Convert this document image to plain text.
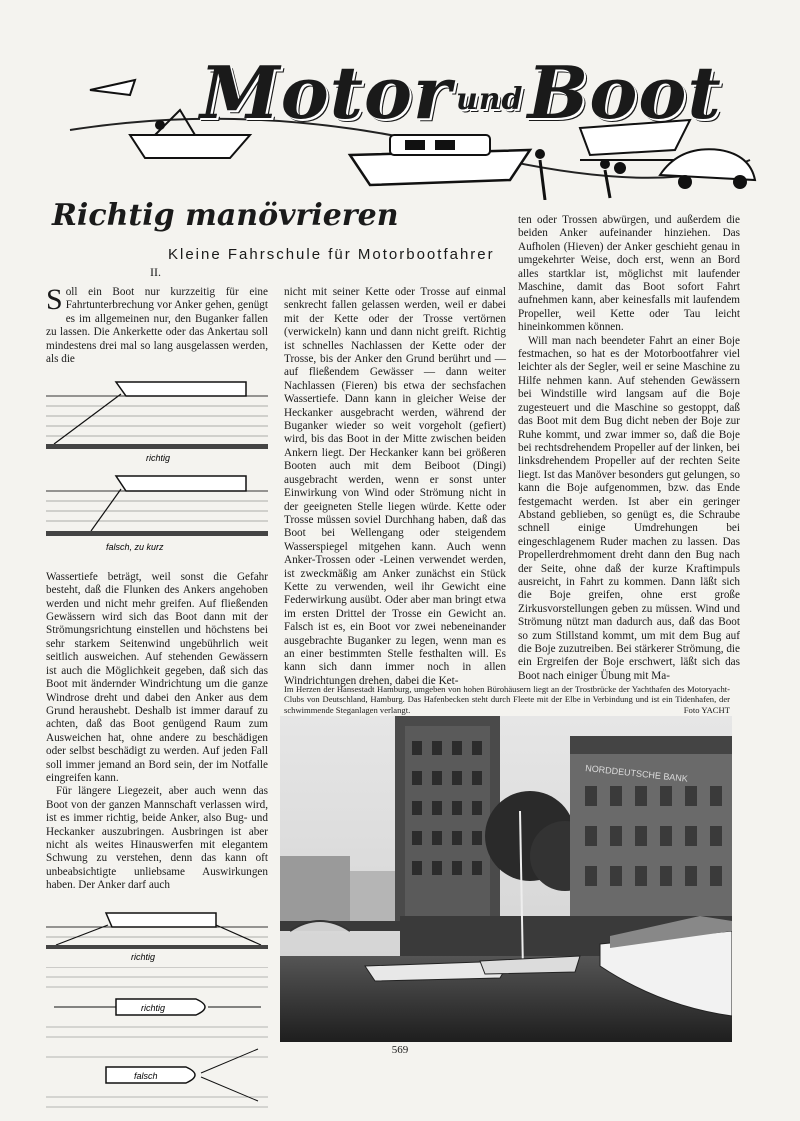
Motor undBoot
Richtig manövrieren
Kleine Fahrschule für Motorbootfahrer
II.

Soll ein Boot nur kurzzeitig für eine Fahrtunterbrechung vor Anker gehen, genügt es im allgemeinen nur, den Buganker fallen zu lassen. Die Ankerkette oder das Ankertau soll mindestens drei mal so lang ausgelassen werden, als die

richtig
falsch, zu kurz

Wassertiefe beträgt, weil sonst die Gefahr besteht, daß die Flunken des Ankers angehoben werden und nicht mehr greifen. Auf fließenden Gewässern wird sich das Boot dann mit der Strömungsrichtung einstellen und höchstens bei sehr starkem Seitenwind ungebührlich weit seitlich ausweichen. Auf stehenden Gewässern ist auch die Möglichkeit gegeben, daß sich das Boot mit ändernder Windrichtung um die ganze Windrose dreht und dabei den Anker aus dem Grund heraushebt. Deshalb ist immer darauf zu achten, daß das Boot genügend Raum zum Ausweichen hat, ohne andere zu beschädigen oder selbst beschädigt zu werden. Auf jeden Fall soll immer jemand an Bord sein, der im Notfalle eingreifen kann.

Für längere Liegezeit, aber auch wenn das Boot von der ganzen Mannschaft verlassen wird, ist es immer richtig, beide Anker, also Bug- und Heckanker auszubringen. Ausbringen ist aber nicht als weites Hinauswerfen mit elegantem Schwung zu verstehen, denn das kann oft unbeabsichtigte unliebsame Auswirkungen haben. Der Anker darf auch

richtig

richtig
falsch

nicht mit seiner Kette oder Trosse auf einmal senkrecht fallen gelassen werden, weil er dabei mit der Kette oder der Trosse vertörnen (verwickeln) kann und dann nicht greift. Richtig ist schnelles Nachlassen der Kette oder der Trosse, bis der Anker den Grund berührt und — auf fließendem Gewässer — dann weiter Nachlassen (Fieren) bis etwa der sechsfachen Wassertiefe. Dann kann in gleicher Weise der Heckanker ausgebracht werden, während der Buganker wieder so weit vorgeholt (gefiert) wird, bis das Boot in der Mitte zwischen beiden Ankern liegt. Der Heckanker kann bei größeren Booten auch mit dem Beiboot (Dingi) ausgebracht werden, wenn er sonst unter Einwirkung von Wind oder Strömung nicht in der geeigneten Stelle liegen würde. Kette oder Trosse müssen soviel Durchhang haben, daß das Boot bei Wellengang oder steigendem Wasserspiegel mitgehen kann. Auch wenn Anker-Trossen oder -Leinen verwendet werden, ist zweckmäßig am Anker zunächst ein Stück Kette zu verwenden, weil ihr Gewicht eine Federwirkung ausübt. Oder aber man bringt etwa im ersten Drittel der Trosse ein Gewicht an. Falsch ist es, ein Boot vor zwei nebeneinander ausgebrachte Buganker zu legen, wenn man es an einer bestimmten Stelle festhalten will. Es kann sich dann immer noch in allen Windrichtungen drehen, dabei die Ket-

ten oder Trossen abwürgen, und außerdem die beiden Anker aufeinander hinziehen. Das Aufholen (Hieven) der Anker geschieht genau in umgekehrter Weise, doch erst, wenn an Bord alles startklar ist, möglichst mit laufender Maschine, damit das Boot sofort Fahrt aufnehmen kann, aber keinesfalls mit laufendem Propeller, weil Kette oder Tau leicht hineinkommen können.

Will man nach beendeter Fahrt an einer Boje festmachen, so hat es der Motorbootfahrer viel leichter als der Segler, weil er seine Maschine zu Hilfe nehmen kann. Auf stehenden Gewässern bei Windstille wird langsam auf die Boje zugesteuert und die Maschine so gestoppt, daß das Boot mit dem Bug dicht neben der Boje zur Ruhe kommt, und zwar immer so, daß die Boje bei rechtsdrehendem Propeller auf der linken, bei linksdrehendem Propeller auf der rechten Seite liegt. Ist das Manöver besonders gut gelungen, so kann die Boje aufgenommen, bzw. das Ende festgemacht werden. Ist aber ein geringer Abstand geblieben, so genügt es, die Schraube schnell einige Umdrehungen bei eingeschlagenem Ruder machen zu lassen. Das Propellerdrehmoment dreht dann den Bug nach der Seite, ohne daß der kurze Kraftimpuls ausreicht, in Fahrt zu kommen. Dann läßt sich die Boje greifen, ohne erst große Zirkusvorstellungen geben zu müssen. Wind und Strömung nützt man dadurch aus, daß das Boot so zum Stillstand kommt, um mit dem Bug auf die Boje zuzutreiben. Bei stärkerer Strömung, die ein Ergreifen der Boje erschwert, läßt sich das Boot nach einiger Übung mit Ma-

Im Herzen der Hansestadt Hamburg, umgeben von hohen Bürohäusern liegt an der Trostbrücke der Yachthafen des Motoryacht-Clubs von Deutschland, Hamburg. Das Hafenbecken steht durch Fleete mit der Elbe in Verbindung und ist ein Tidenhafen, der schwimmende Steganlagen verlangt.	Foto YACHT
NORDDEUTSCHE BANK
569
